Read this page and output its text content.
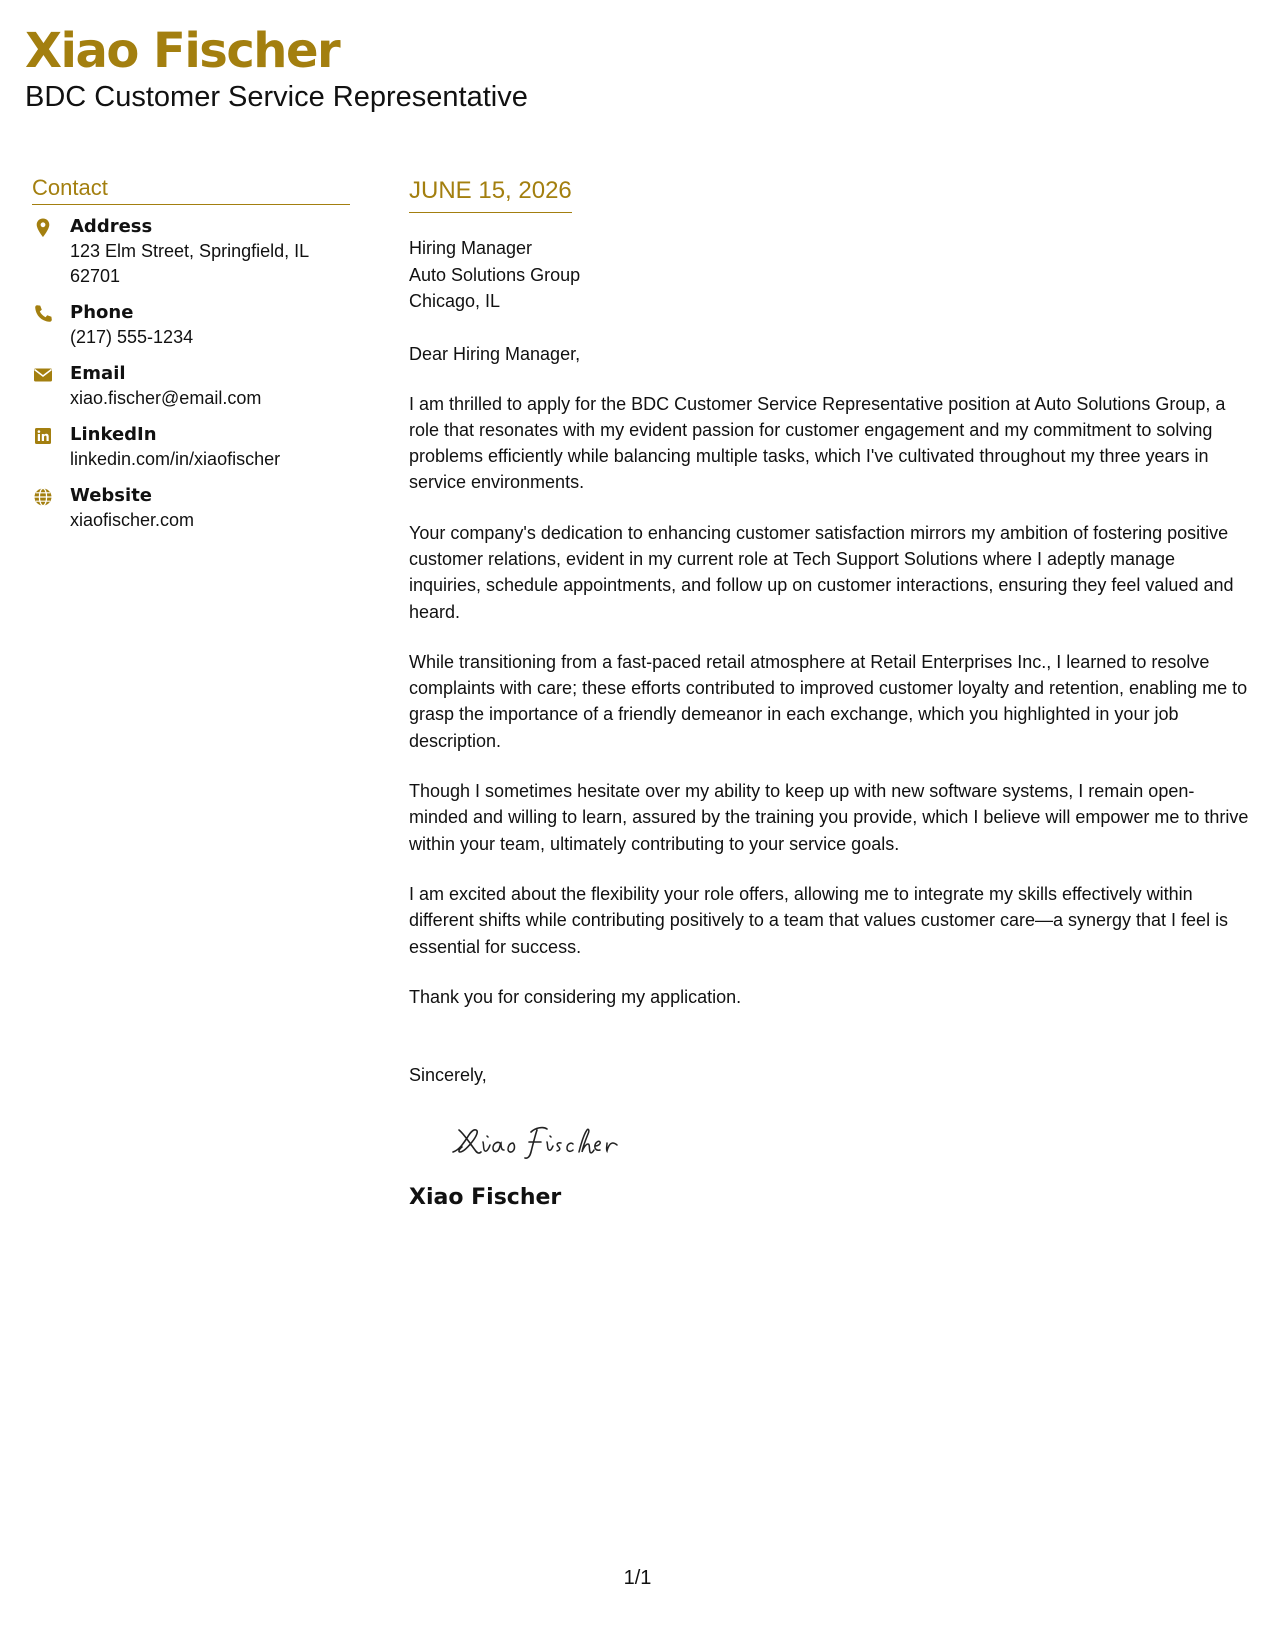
Xiao Fischer
BDC Customer Service Representative
Contact
Address
123 Elm Street, Springfield, IL 62701
Phone
(217) 555-1234
Email
xiao.fischer@email.com
LinkedIn
linkedin.com/in/xiaofischer
Website
xiaofischer.com
JUNE 15, 2026
Hiring Manager
Auto Solutions Group
Chicago, IL
Dear Hiring Manager,
I am thrilled to apply for the BDC Customer Service Representative position at Auto Solutions Group, a role that resonates with my evident passion for customer engagement and my commitment to solving problems efficiently while balancing multiple tasks, which I've cultivated throughout my three years in service environments.
Your company's dedication to enhancing customer satisfaction mirrors my ambition of fostering positive customer relations, evident in my current role at Tech Support Solutions where I adeptly manage inquiries, schedule appointments, and follow up on customer interactions, ensuring they feel valued and heard.
While transitioning from a fast-paced retail atmosphere at Retail Enterprises Inc., I learned to resolve complaints with care; these efforts contributed to improved customer loyalty and retention, enabling me to grasp the importance of a friendly demeanor in each exchange, which you highlighted in your job description.
Though I sometimes hesitate over my ability to keep up with new software systems, I remain open-minded and willing to learn, assured by the training you provide, which I believe will empower me to thrive within your team, ultimately contributing to your service goals.
I am excited about the flexibility your role offers, allowing me to integrate my skills effectively within different shifts while contributing positively to a team that values customer care—a synergy that I feel is essential for success.
Thank you for considering my application.
Sincerely,
Xiao Fischer
1/1
